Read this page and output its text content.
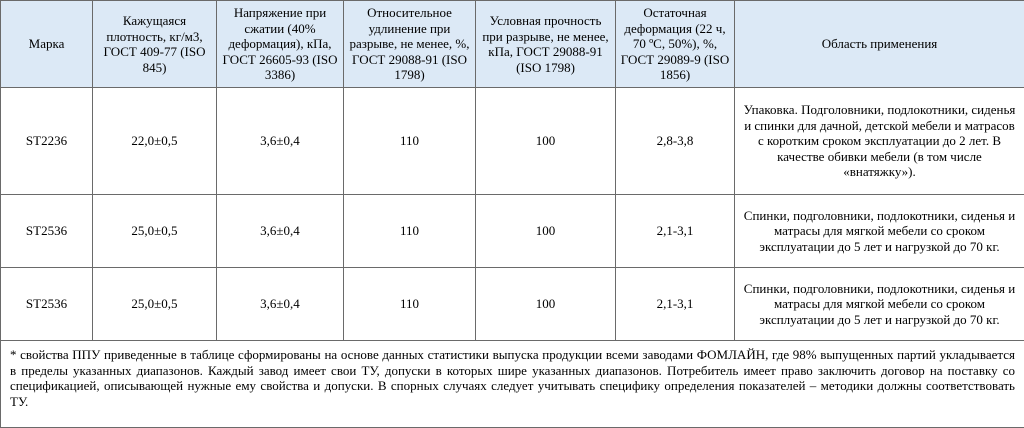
Марка	Кажущаяся плотность, кг/м3, ГОСТ 409-77 (ISO 845)	Напряжение при сжатии (40% деформация), кПа, ГОСТ 26605-93 (ISO 3386)	Относительное удлинение при разрыве, не менее, %, ГОСТ 29088-91 (ISO 1798)	Условная прочность при разрыве, не менее, кПа, ГОСТ 29088-91 (ISO 1798)	Остаточная деформация (22 ч, 70 ºС, 50%), %, ГОСТ 29089-9 (ISO 1856)	Область применения
ST2236	22,0±0,5	3,6±0,4	110	100	2,8-3,8	Упаковка. Подголовники, подлокотники, сиденья и спинки для дачной, детской мебели и матрасов с коротким сроком эксплуатации до 2 лет. В качестве обивки мебели (в том числе «внатяжку»).
ST2536	25,0±0,5	3,6±0,4	110	100	2,1-3,1	Спинки, подголовники, подлокотники, сиденья и матрасы для мягкой мебели со сроком эксплуатации до 5 лет и нагрузкой до 70 кг.
ST2536	25,0±0,5	3,6±0,4	110	100	2,1-3,1	Спинки, подголовники, подлокотники, сиденья и матрасы для мягкой мебели со сроком эксплуатации до 5 лет и нагрузкой до 70 кг.
* свойства ППУ приведенные в таблице сформированы на основе данных статистики выпуска продукции всеми заводами ФОМЛАЙН, где 98% выпущенных партий укладывается в пределы указанных диапазонов. Каждый завод имеет свои ТУ, допуски в которых шире указанных диапазонов. Потребитель имеет право заключить договор на поставку со спецификацией, описывающей нужные ему свойства и допуски. В спорных случаях следует учитывать специфику определения показателей – методики должны соответствовать ТУ.						
